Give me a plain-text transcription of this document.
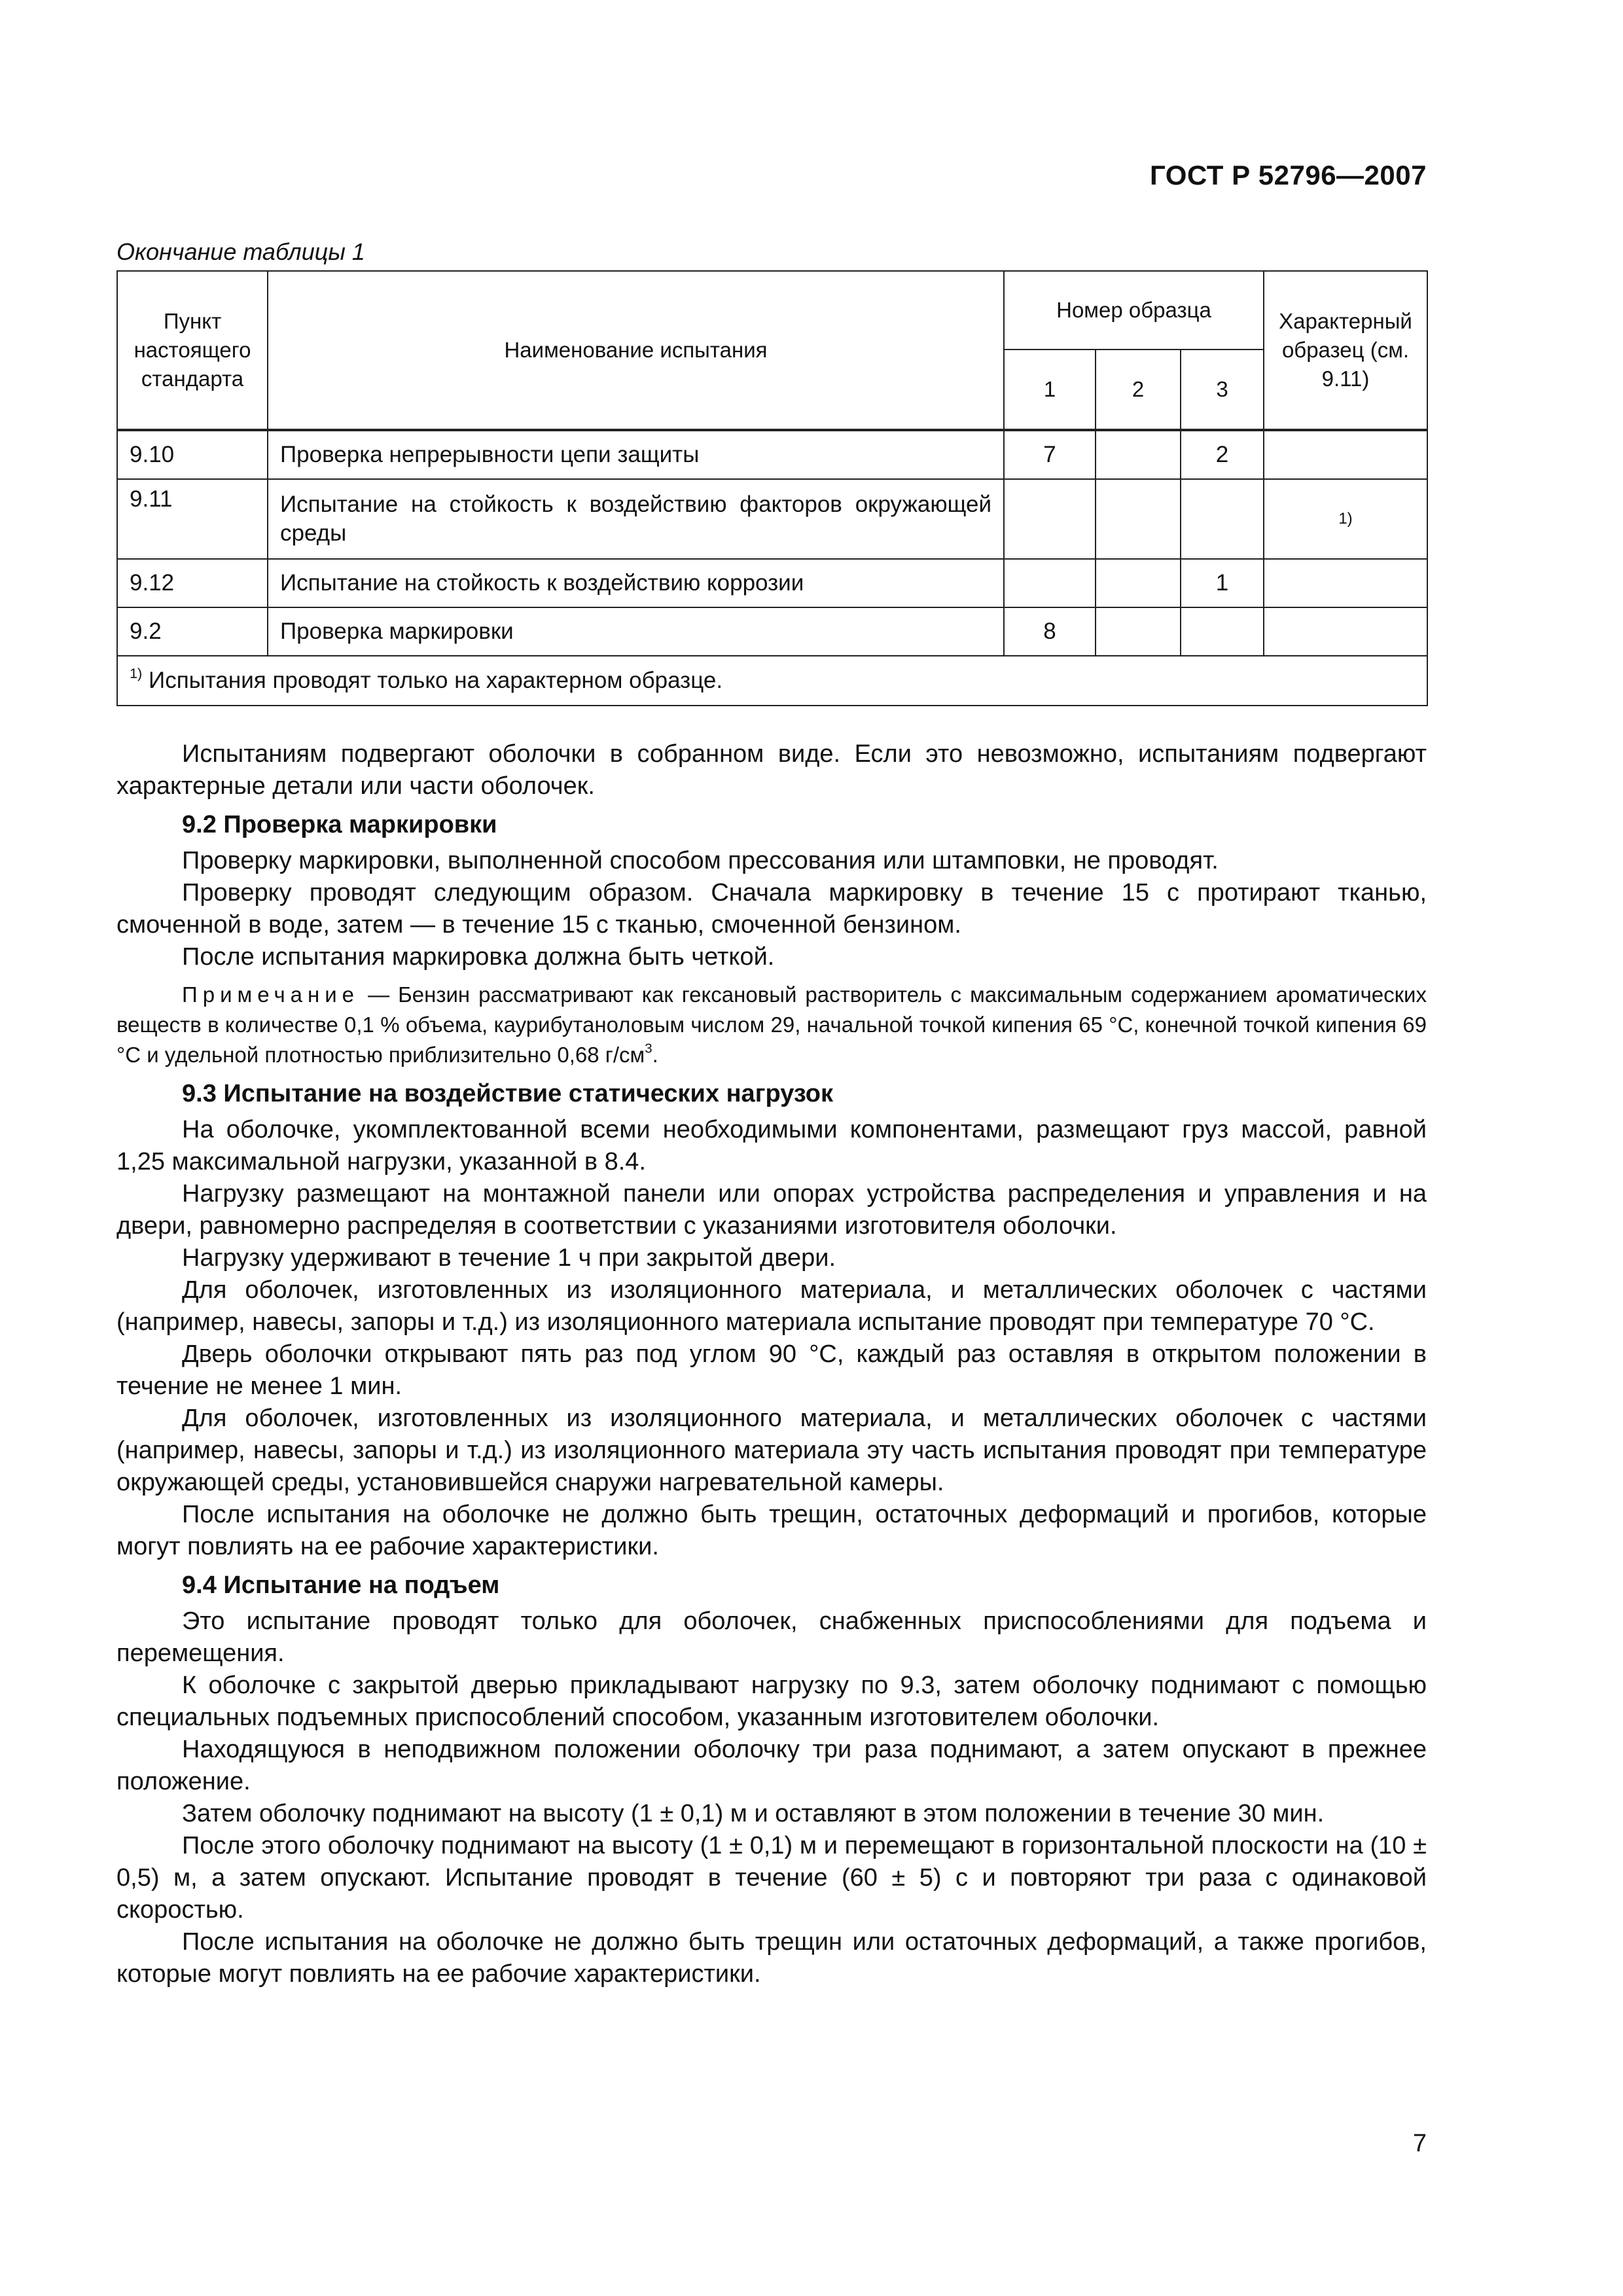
ГОСТ Р 52796—2007
Окончание таблицы 1
Пункт настоящего стандарта	Наименование испытания	Номер образца			Характерный образец (см. 9.11)
		1	2	3	

9.10	Проверка непрерывности цепи защиты	7		2	
9.11	Испытание на стойкость к воздействию факторов окружающей среды				1)
9.12	Испытание на стойкость к воздействию коррозии			1	
9.2	Проверка маркировки	8			
$^{1)}$ Испытания проводят только на характерном образце.					

Испытаниям подвергают оболочки в собранном виде. Если это невозможно, испытаниям подвергают характерные детали или части оболочек.

9.2 Проверка маркировки

Проверку маркировки, выполненной способом прессования или штамповки, не проводят.

Проверку проводят следующим образом. Сначала маркировку в течение 15 с протирают тканью, смоченной в воде, затем — в течение 15 с тканью, смоченной бензином.

После испытания маркировка должна быть четкой.

Примечание — Бензин рассматривают как гексановый растворитель с максимальным содержанием ароматических веществ в количестве 0,1 % объема, каурибутаноловым числом 29, начальной точкой кипения 65 °С, конечной точкой кипения 69 °С и удельной плотностью приблизительно 0,68 $г/см^3$.

9.3 Испытание на воздействие статических нагрузок

На оболочке, укомплектованной всеми необходимыми компонентами, размещают груз массой, равной 1,25 максимальной нагрузки, указанной в 8.4.

Нагрузку размещают на монтажной панели или опорах устройства распределения и управления и на двери, равномерно распределяя в соответствии с указаниями изготовителя оболочки.

Нагрузку удерживают в течение 1 ч при закрытой двери.

Для оболочек, изготовленных из изоляционного материала, и металлических оболочек с частями (например, навесы, запоры и т.д.) из изоляционного материала испытание проводят при температуре 70 °С.

Дверь оболочки открывают пять раз под углом 90 °С, каждый раз оставляя в открытом положении в течение не менее 1 мин.

Для оболочек, изготовленных из изоляционного материала, и металлических оболочек с частями (например, навесы, запоры и т.д.) из изоляционного материала эту часть испытания проводят при температуре окружающей среды, установившейся снаружи нагревательной камеры.

После испытания на оболочке не должно быть трещин, остаточных деформаций и прогибов, которые могут повлиять на ее рабочие характеристики.

9.4 Испытание на подъем

Это испытание проводят только для оболочек, снабженных приспособлениями для подъема и перемещения.

К оболочке с закрытой дверью прикладывают нагрузку по 9.3, затем оболочку поднимают с помощью специальных подъемных приспособлений способом, указанным изготовителем оболочки.

Находящуюся в неподвижном положении оболочку три раза поднимают, а затем опускают в прежнее положение.

Затем оболочку поднимают на высоту (1 ± 0,1) м и оставляют в этом положении в течение 30 мин.

После этого оболочку поднимают на высоту (1 ± 0,1) м и перемещают в горизонтальной плоскости на (10 ± 0,5) м, а затем опускают. Испытание проводят в течение (60 ± 5) с и повторяют три раза с одинаковой скоростью.

После испытания на оболочке не должно быть трещин или остаточных деформаций, а также прогибов, которые могут повлиять на ее рабочие характеристики.

7
